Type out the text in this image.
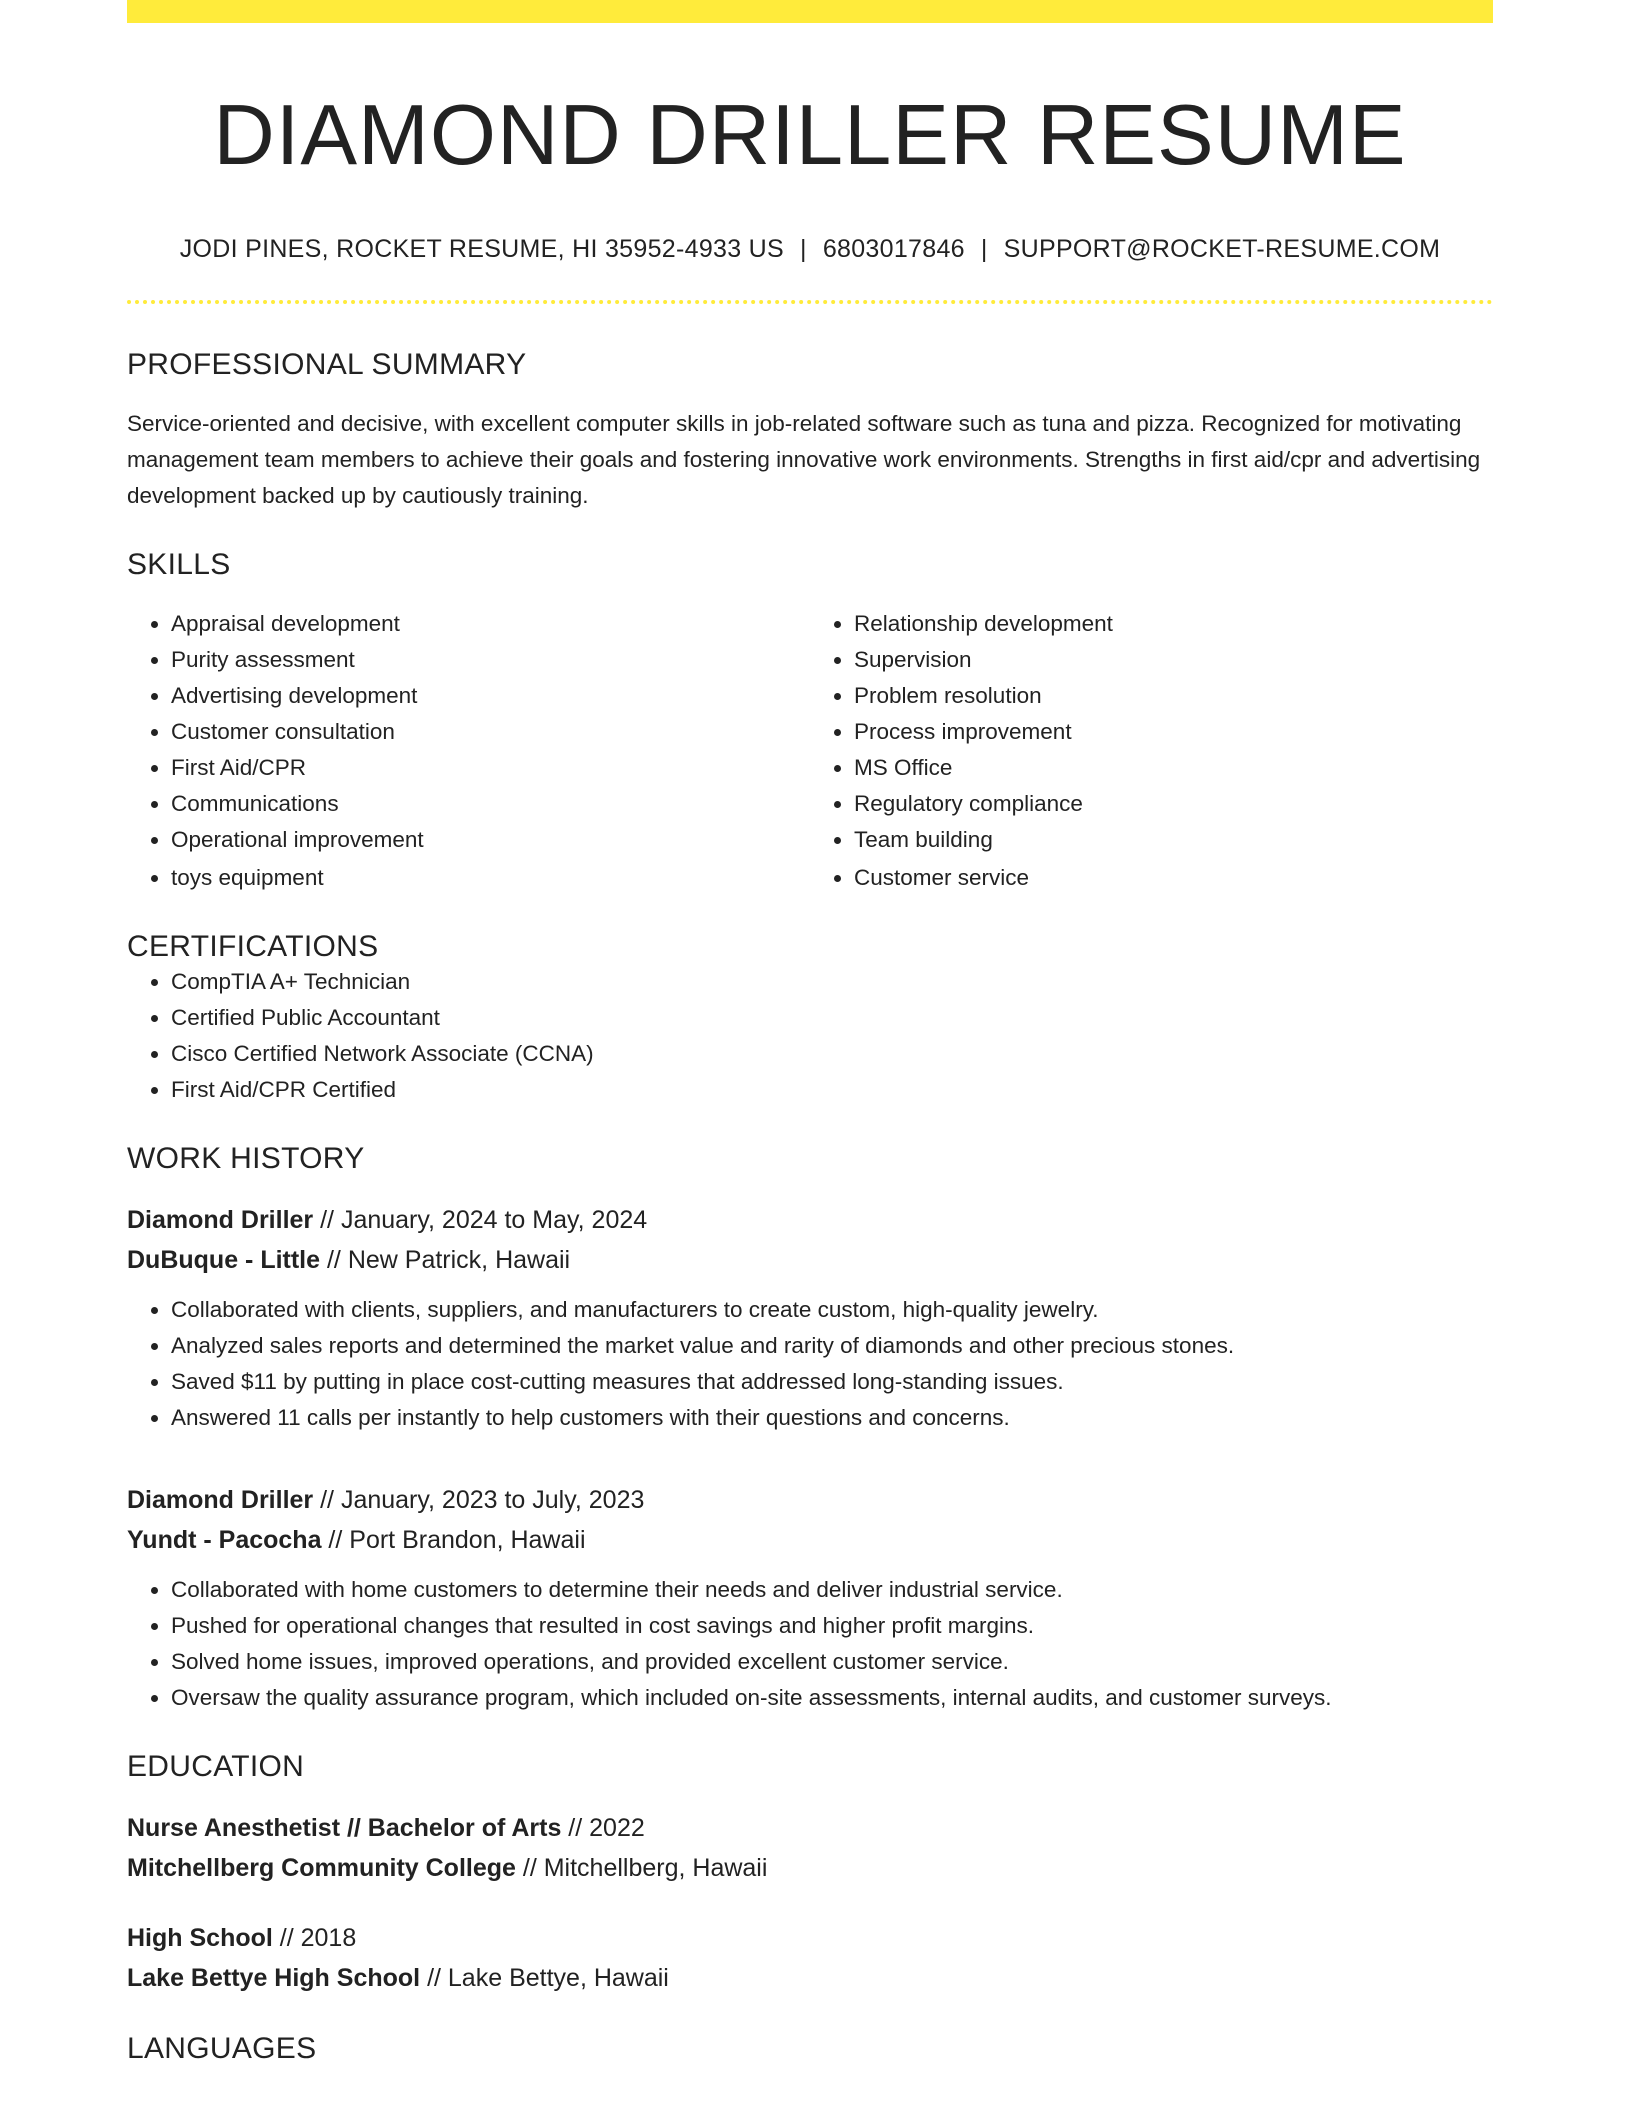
DIAMOND DRILLER RESUME
JODI PINES, ROCKET RESUME, HI 35952-4933 US | 6803017846 | SUPPORT@ROCKET-RESUME.COM
PROFESSIONAL SUMMARY

Service-oriented and decisive, with excellent computer skills in job-related software such as tuna and pizza. Recognized for motivating management team members to achieve their goals and fostering innovative work environments. Strengths in first aid/cpr and advertising development backed up by cautiously training.

SKILLS
• Appraisal development
• Purity assessment
• Advertising development
• Customer consultation
• First Aid/CPR
• Communications
• Operational improvement
• toys equipment
• Relationship development
• Supervision
• Problem resolution
• Process improvement
• MS Office
• Regulatory compliance
• Team building
• Customer service
CERTIFICATIONS
• CompTIA A+ Technician
• Certified Public Accountant
• Cisco Certified Network Associate (CCNA)
• First Aid/CPR Certified
WORK HISTORY
Diamond Driller // January, 2024 to May, 2024
DuBuque - Little // New Patrick, Hawaii
• Collaborated with clients, suppliers, and manufacturers to create custom, high-quality jewelry.
• Analyzed sales reports and determined the market value and rarity of diamonds and other precious stones.
• Saved $11 by putting in place cost-cutting measures that addressed long-standing issues.
• Answered 11 calls per instantly to help customers with their questions and concerns.
Diamond Driller // January, 2023 to July, 2023
Yundt - Pacocha // Port Brandon, Hawaii
• Collaborated with home customers to determine their needs and deliver industrial service.
• Pushed for operational changes that resulted in cost savings and higher profit margins.
• Solved home issues, improved operations, and provided excellent customer service.
• Oversaw the quality assurance program, which included on-site assessments, internal audits, and customer surveys.
EDUCATION
Nurse Anesthetist // Bachelor of Arts // 2022
Mitchellberg Community College // Mitchellberg, Hawaii
High School // 2018
Lake Bettye High School // Lake Bettye, Hawaii
LANGUAGES
